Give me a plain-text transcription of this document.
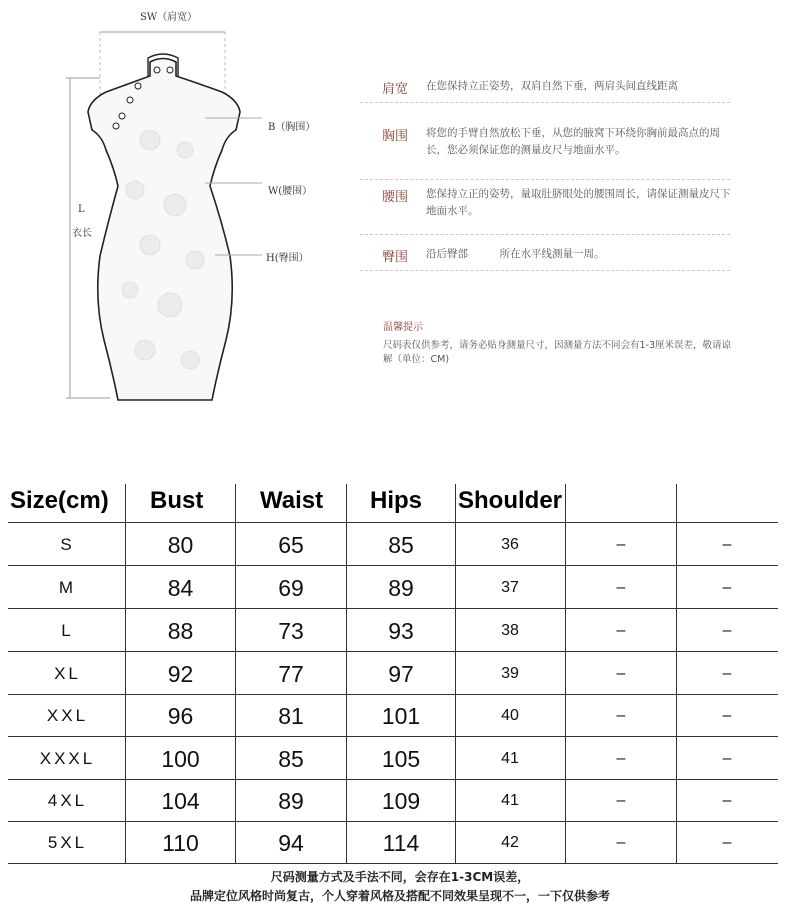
SW（肩宽）
B（胸围）
W(腰围）
H(臀围）
L
衣长
肩宽 在您保持立正姿势，双肩自然下垂，两肩头间直线距离
胸围 将您的手臂自然放松下垂，从您的腋窝下环绕你胸前最高点的周长，您必须保证您的测量皮尺与地面水平。
腰围 您保持立正的姿势，量取肚脐眼处的腰围周长，请保证测量皮尺下地面水平。
臀围 沿后臀部　　　所在水平线测量一周。
温馨提示
尺码表仅供参考，请务必贴身测量尺寸，因测量方法不同会有1-3厘米误差，敬请谅解（单位：CM)
Size(cm) Bust Waist Hips Shoulder
S	80	65	85	36	–	–
M	84	69	89	37	–	–
L	88	73	93	38	–	–
XL	92	77	97	39	–	–
XXL	96	81	101	40	–	–
XXXL	100	85	105	41	–	–
4XL	104	89	109	41	–	–
5XL	110	94	114	42	–	–
尺码测量方式及手法不同，会存在1-3CM误差，
品牌定位风格时尚复古，个人穿着风格及搭配不同效果呈现不一，一下仅供参考
